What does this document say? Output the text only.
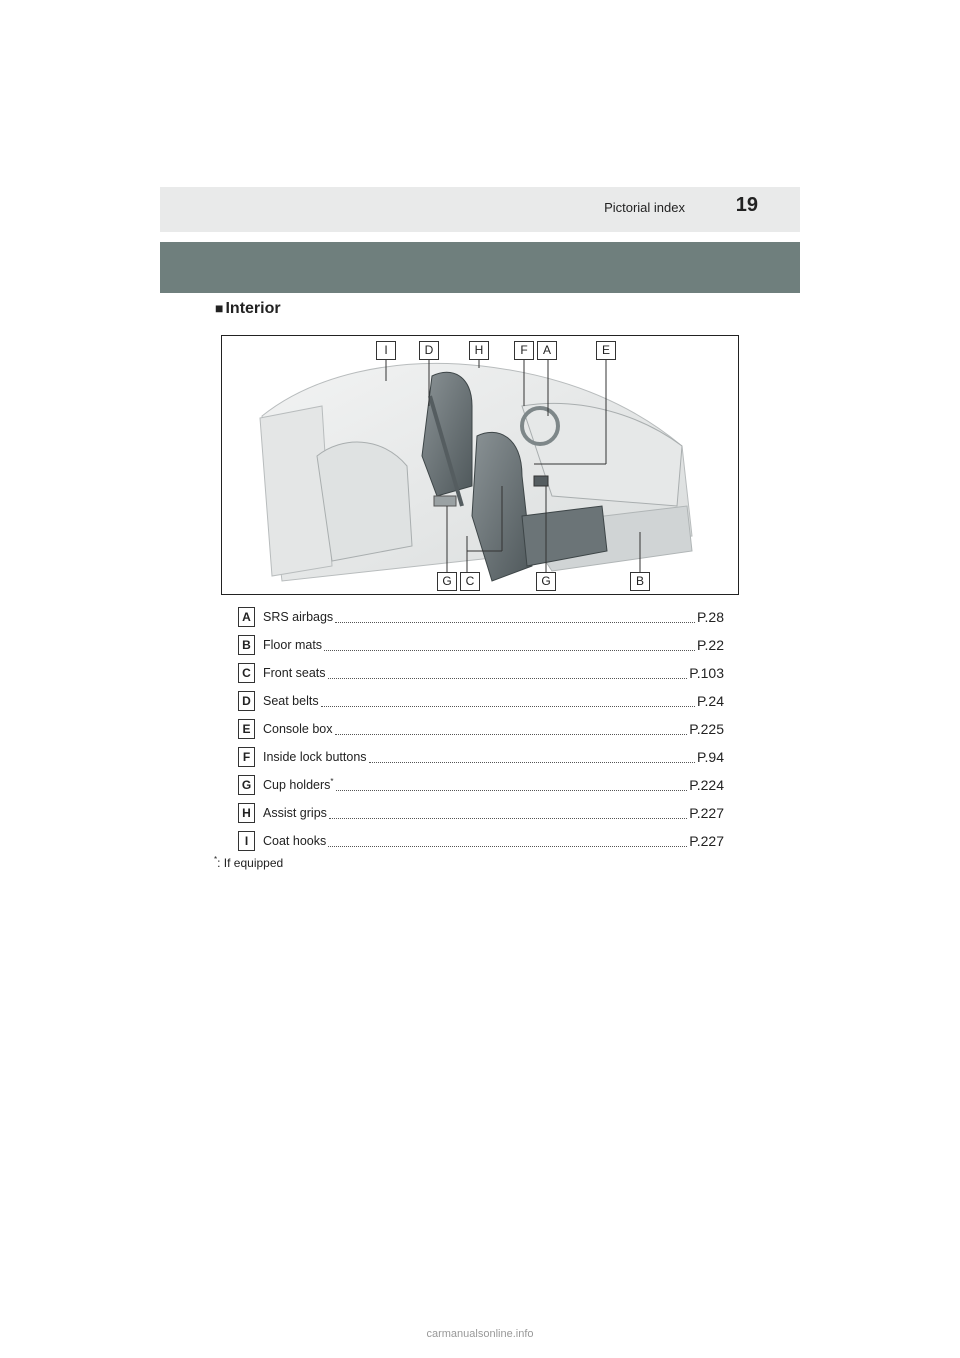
Pictorial index	19
■ Interior
I	D	H	F	A	E
G	C	G	B
A SRS airbags	P.28
B Floor mats	P.22
C Front seats	P.103
D Seat belts	P.24
E	Console box	P.225
F	Inside lock buttons	P.94
G Cup holders*	P.224
H Assist grips	P.227
I	Coat hooks	P.227
*: If equipped
carmanualsonline.info
